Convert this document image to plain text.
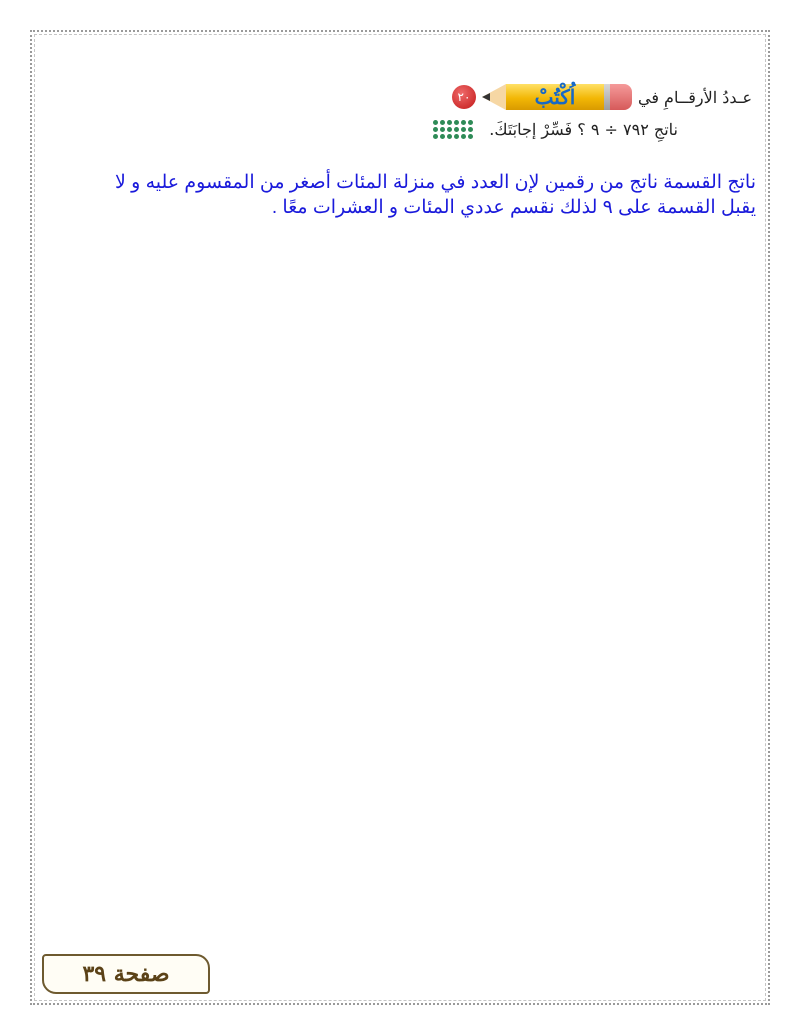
٢٠	اُكْتُبْ	عـددُ الأرقــامِ في
ناتجِ ٧٩٢ ÷ ٩ ؟ فَسِّرْ إجابَتَكَ.
ناتج القسمة ناتج من رقمين لإن العدد في منزلة المئات أصغر من المقسوم عليه و لا
يقبل القسمة على ٩ لذلك نقسم عددي المئات و العشرات معًا .
صفحة ٣٩
